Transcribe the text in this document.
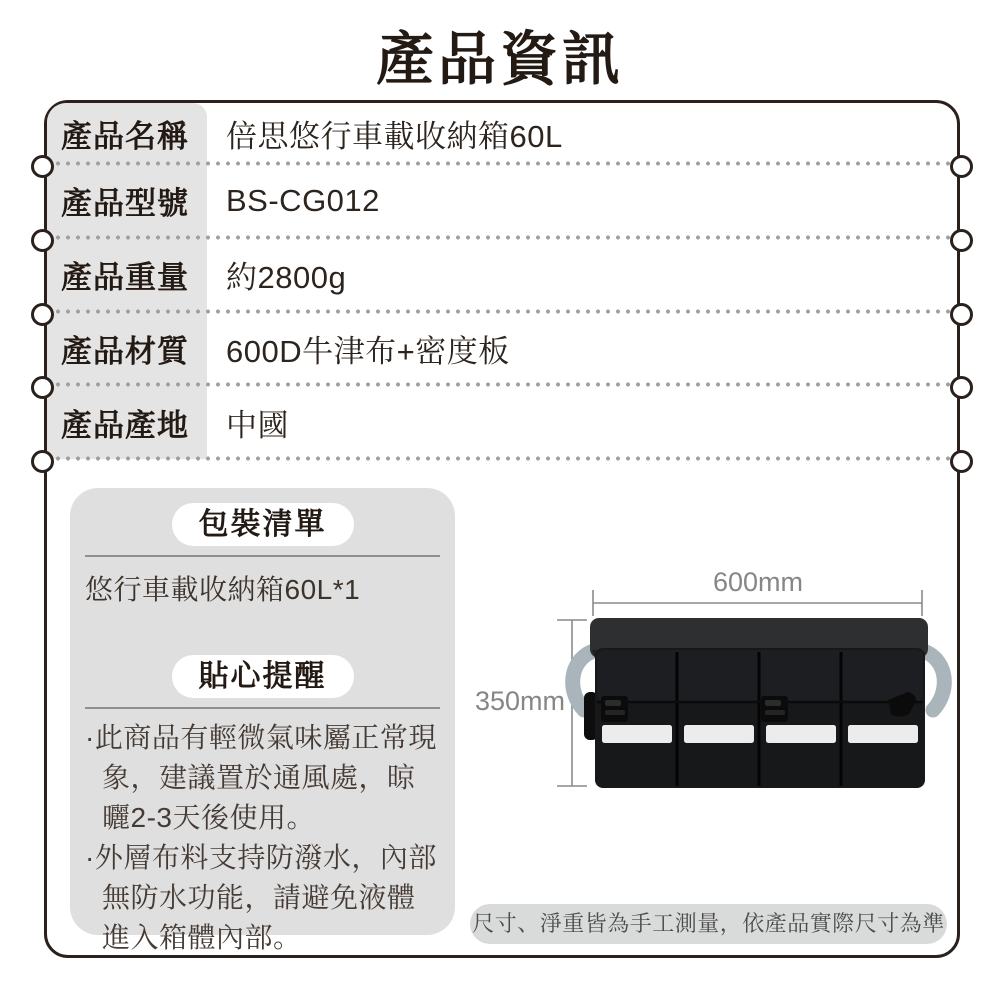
產品資訊
產品名稱	倍思悠行車載收納箱60L
產品型號	BS-CG012
產品重量	約2800g
產品材質	600D牛津布+密度板
產品產地	中國
包裝清單
悠行車載收納箱60L*1
貼心提醒
·此商品有輕微氣味屬正常現象，建議置於通風處，晾曬2-3天後使用。
·外層布料支持防潑水，內部無防水功能，請避免液體進入箱體內部。
600mm
350mm
尺寸、淨重皆為手工測量，依產品實際尺寸為準
